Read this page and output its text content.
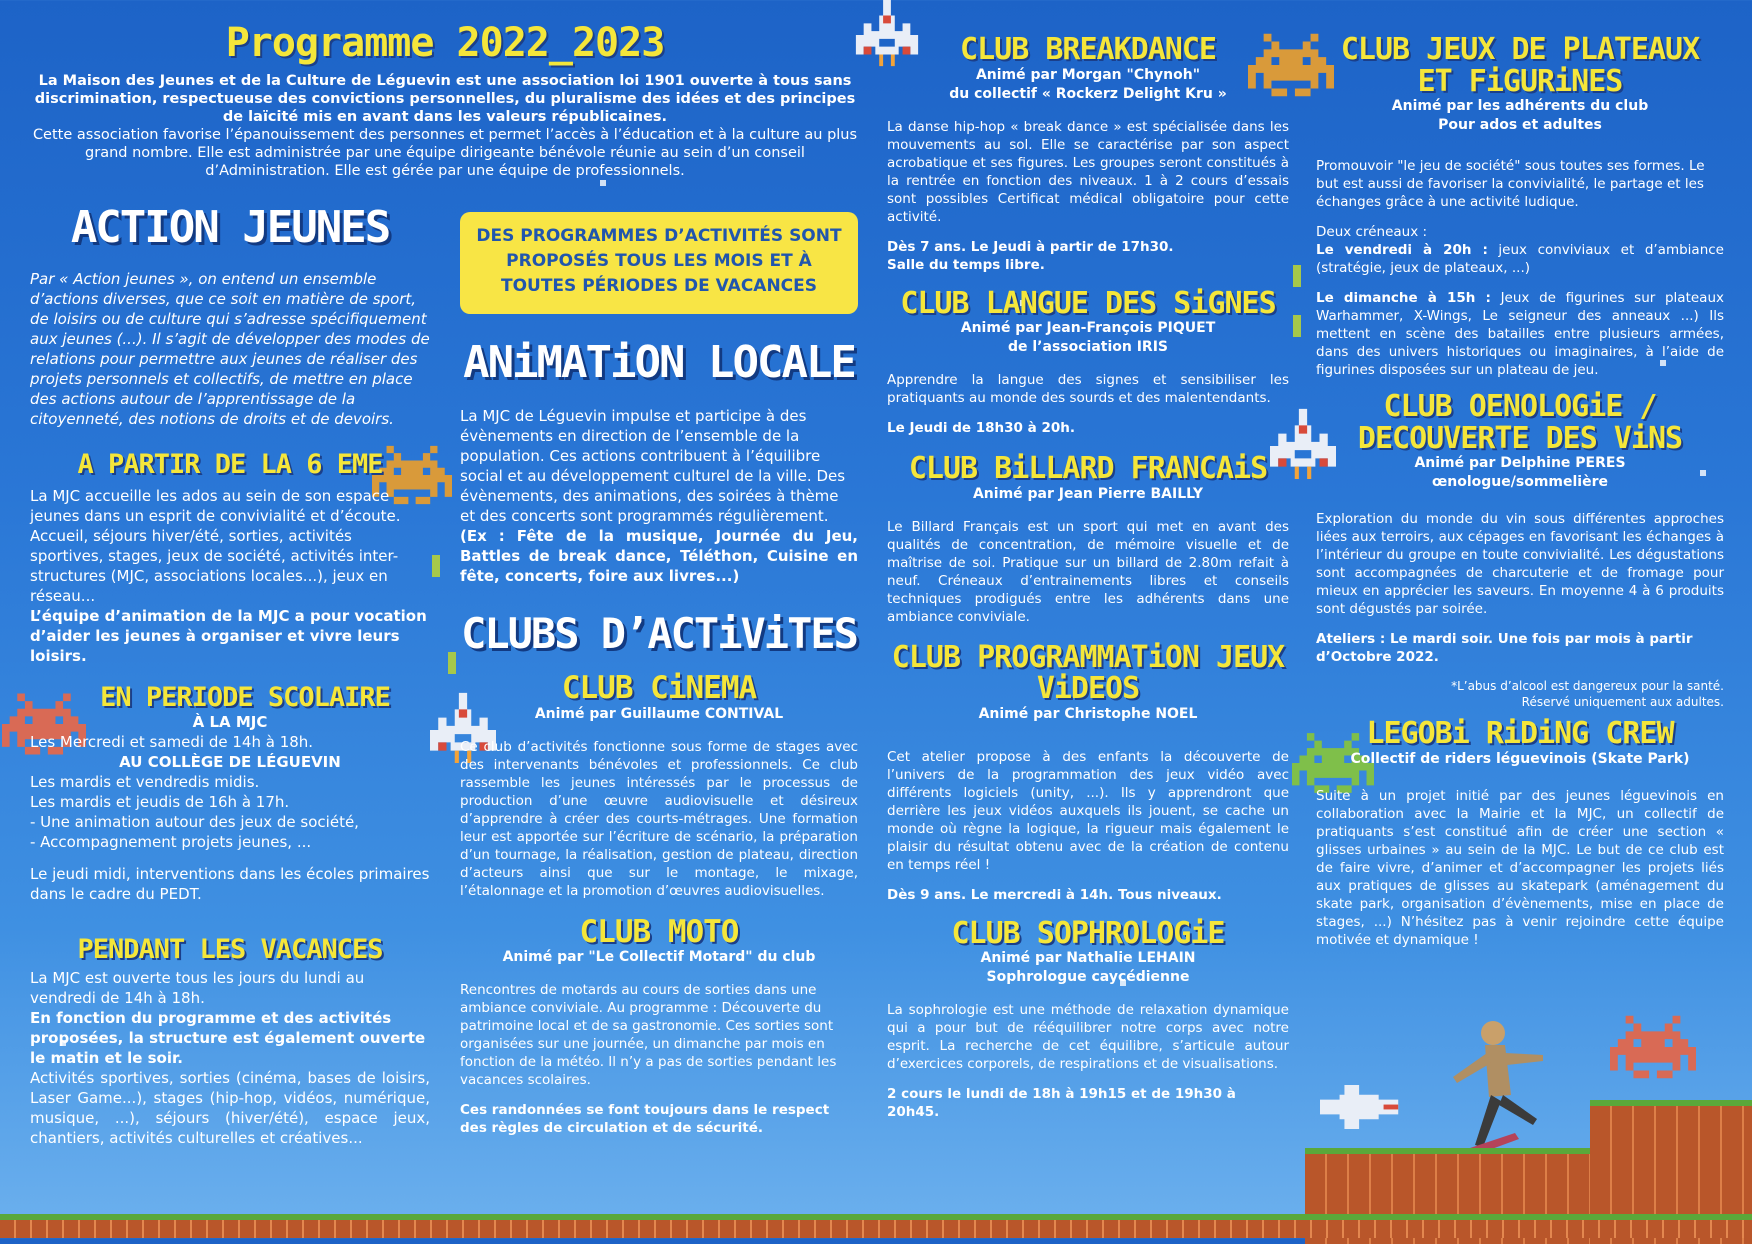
Programme 2022_2023

La Maison des Jeunes et de la Culture de Léguevin est une association loi 1901 ouverte à tous sans discrimination, respectueuse des convictions personnelles, du pluralisme des idées et des principes de laïcité mis en avant dans les valeurs républicaines.

Cette association favorise l’épanouissement des personnes et permet l’accès à l’éducation et à la culture au plus grand nombre. Elle est administrée par une équipe dirigeante bénévole réunie au sein d’un conseil d’Administration. Elle est gérée par une équipe de professionnels.

ACTION JEUNES

Par « Action jeunes », on entend un ensemble d’actions diverses, que ce soit en matière de sport, de loisirs ou de culture qui s’adresse spécifiquement aux jeunes (...). Il s’agit de développer des modes de relations pour permettre aux jeunes de réaliser des projets personnels et collectifs, de mettre en place des actions autour de l’apprentissage de la citoyenneté, des notions de droits et de devoirs.

A PARTIR DE LA 6 EME

La MJC accueille les ados au sein de son espace jeunes dans un esprit de convivialité et d’écoute. Accueil, séjours hiver/été, sorties, activités sportives, stages, jeux de société, activités inter-structures (MJC, associations locales...), jeux en réseau...

L’équipe d’animation de la MJC a pour vocation d’aider les jeunes à organiser et vivre leurs loisirs.

EN PERIODE SCOLAIRE

À LA MJC

Les Mercredi et samedi de 14h à 18h.

AU COLLÈGE DE LÉGUEVIN

Les mardis et vendredis midis.

Les mardis et jeudis de 16h à 17h.

- Une animation autour des jeux de société,

- Accompagnement projets jeunes, ...

Le jeudi midi, interventions dans les écoles primaires dans le cadre du PEDT.

PENDANT LES VACANCES

La MJC est ouverte tous les jours du lundi au vendredi de 14h à 18h.

En fonction du programme et des activités proposées, la structure est également ouverte le matin et le soir.

Activités sportives, sorties (cinéma, bases de loisirs, Laser Game...), stages (hip-hop, vidéos, numérique, musique, ...), séjours (hiver/été), espace jeux, chantiers, activités culturelles et créatives...

DES PROGRAMMES D’ACTIVITÉS SONT PROPOSÉS TOUS LES MOIS ET À TOUTES PÉRIODES DE VACANCES
ANiMATiON LOCALE

La MJC de Léguevin impulse et participe à des évènements en direction de l’ensemble de la population. Ces actions contribuent à l’équilibre social et au développement culturel de la ville. Des évènements, des animations, des soirées à thème et des concerts sont programmés régulièrement.

(Ex : Fête de la musique, Journée du Jeu, Battles de break dance, Téléthon, Cuisine en fête, concerts, foire aux livres...)

CLUBS D’ACTiViTES
CLUB CiNEMA
Animé par Guillaume CONTIVAL

Ce club d’activités fonctionne sous forme de stages avec des intervenants bénévoles et professionnels. Ce club rassemble les jeunes intéressés par le processus de production d’une œuvre audiovisuelle et désireux d’apprendre à créer des courts-métrages. Une formation leur est apportée sur l’écriture de scénario, la préparation d’un tournage, la réalisation, gestion de plateau, direction d’acteurs ainsi que sur le montage, le mixage, l’étalonnage et la promotion d’œuvres audiovisuelles.

CLUB MOTO
Animé par "Le Collectif Motard" du club

Rencontres de motards au cours de sorties dans une ambiance conviviale. Au programme : Découverte du patrimoine local et de sa gastronomie. Ces sorties sont organisées sur une journée, un dimanche par mois en fonction de la météo. Il n’y a pas de sorties pendant les vacances scolaires.

Ces randonnées se font toujours dans le respect des règles de circulation et de sécurité.

CLUB BREAKDANCE
Animé par Morgan "Chynoh"
du collectif « Rockerz Delight Kru »

La danse hip-hop « break dance » est spécialisée dans les mouvements au sol. Elle se caractérise par son aspect acrobatique et ses figures. Les groupes seront constitués à la rentrée en fonction des niveaux. 1 à 2 cours d’essais sont possibles Certificat médical obligatoire pour cette activité.

Dès 7 ans. Le Jeudi à partir de 17h30. Salle du temps libre.

CLUB LANGUE DES SiGNES
Animé par Jean-François PIQUET
de l’association IRIS

Apprendre la langue des signes et sensibiliser les pratiquants au monde des sourds et des malentendants.

Le Jeudi de 18h30 à 20h.

CLUB BiLLARD FRANCAiS
Animé par Jean Pierre BAILLY

Le Billard Français est un sport qui met en avant des qualités de concentration, de mémoire visuelle et de maîtrise de soi. Pratique sur un billard de 2.80m refait à neuf. Créneaux d’entrainements libres et conseils techniques prodigués entre les adhérents dans une ambiance conviviale.

CLUB PROGRAMMATiON JEUX ViDEOS
Animé par Christophe NOEL

Cet atelier propose à des enfants la découverte de l’univers de la programmation des jeux vidéo avec différents logiciels (unity, ...). Ils y apprendront que derrière les jeux vidéos auxquels ils jouent, se cache un monde où règne la logique, la rigueur mais également le plaisir du résultat obtenu avec de la création de contenu en temps réel !

Dès 9 ans. Le mercredi à 14h. Tous niveaux.

CLUB SOPHROLOGiE
Animé par Nathalie LEHAIN
Sophrologue caycédienne

La sophrologie est une méthode de relaxation dynamique qui a pour but de rééquilibrer notre corps avec notre esprit. La recherche de cet équilibre, s’articule autour d’exercices corporels, de respirations et de visualisations.

2 cours le lundi de 18h à 19h15 et de 19h30 à 20h45.

CLUB JEUX DE PLATEAUX ET FiGURiNES
Animé par les adhérents du club
Pour ados et adultes

Promouvoir "le jeu de société" sous toutes ses formes. Le but est aussi de favoriser la convivialité, le partage et les échanges grâce à une activité ludique.

Deux créneaux :

Le vendredi à 20h : jeux conviviaux et d’ambiance (stratégie, jeux de plateaux, ...)

Le dimanche à 15h : Jeux de figurines sur plateaux Warhammer, X-Wings, Le seigneur des anneaux ...) Ils mettent en scène des batailles entre plusieurs armées, dans des univers historiques ou imaginaires, à l’aide de figurines disposées sur un plateau de jeu.

CLUB OENOLOGiE / DECOUVERTE DES ViNS
Animé par Delphine PERES
œnologue/sommelière

Exploration du monde du vin sous différentes approches liées aux terroirs, aux cépages en favorisant les échanges à l’intérieur du groupe en toute convivialité. Les dégustations sont accompagnées de charcuterie et de fromage pour mieux en apprécier les saveurs. En moyenne 4 à 6 produits sont dégustés par soirée.

Ateliers : Le mardi soir. Une fois par mois à partir d’Octobre 2022.

*L’abus d’alcool est dangereux pour la santé.
Réservé uniquement aux adultes.
LEGOBi RiDiNG CREW
Collectif de riders léguevinois (Skate Park)

Suite à un projet initié par des jeunes léguevinois en collaboration avec la Mairie et la MJC, un collectif de pratiquants s’est constitué afin de créer une section « glisses urbaines » au sein de la MJC. Le but de ce club est de faire vivre, d’animer et d’accompagner les projets liés aux pratiques de glisses au skatepark (aménagement du skate park, organisation d’évènements, mise en place de stages, ...) N’hésitez pas à venir rejoindre cette équipe motivée et dynamique !
